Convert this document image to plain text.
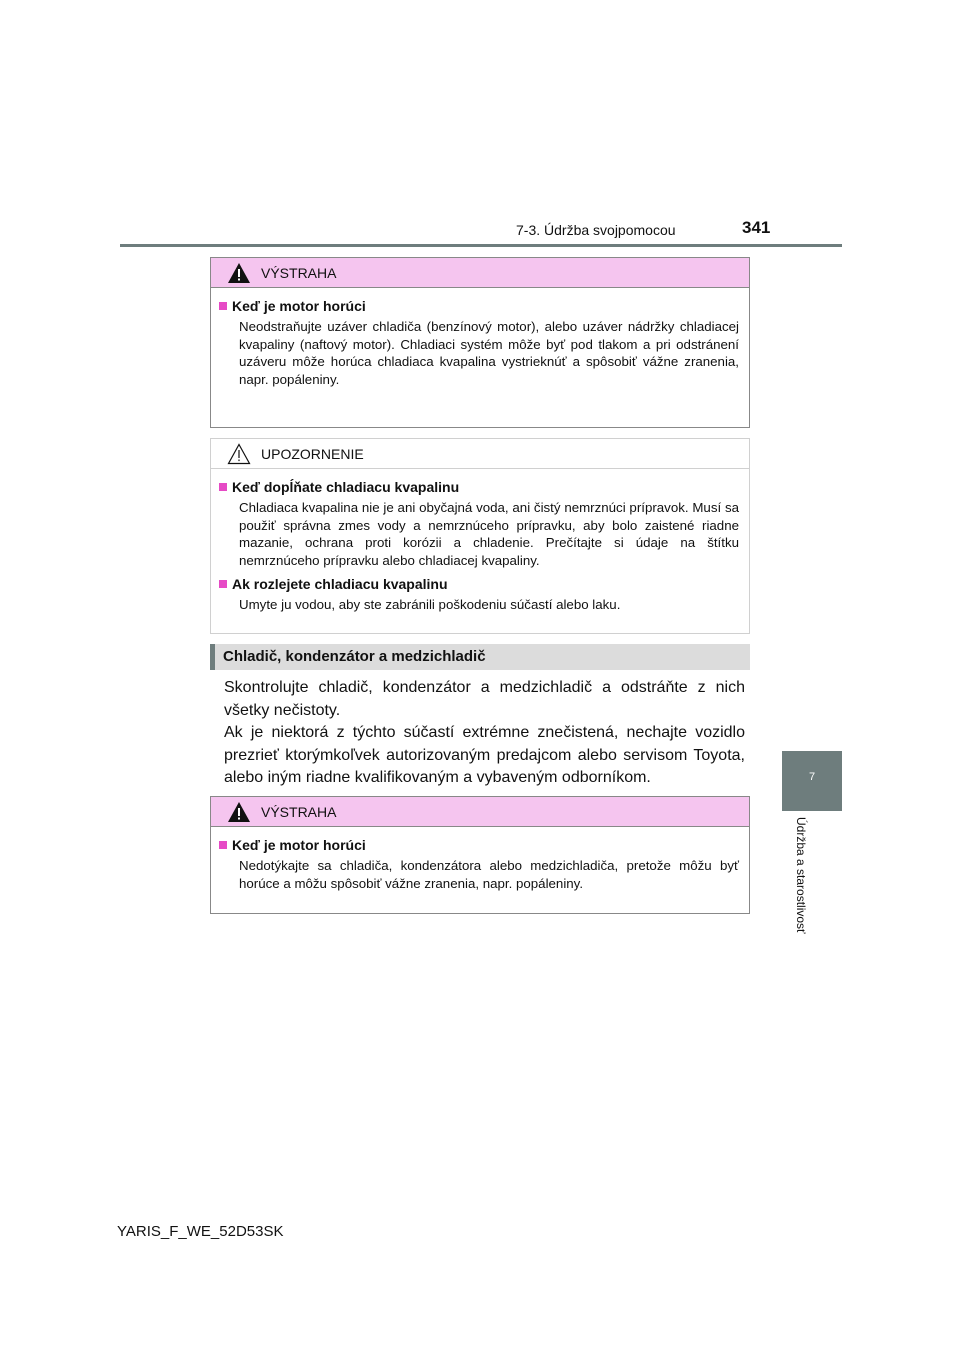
7-3. Údržba svojpomocou	341
7
Údržba a starostlivosť
VÝSTRAHA
Keď je motor horúci
Neodstraňujte uzáver chladiča (benzínový motor), alebo uzáver nádržky chladiacej kvapaliny (naftový motor). Chladiaci systém môže byť pod tlakom a pri odstránení uzáveru môže horúca chladiaca kvapalina vystrieknúť a spôsobiť vážne zranenia, napr. popáleniny.
UPOZORNENIE
Keď dopĺňate chladiacu kvapalinu
Chladiaca kvapalina nie je ani obyčajná voda, ani čistý nemrznúci prípravok. Musí sa použiť správna zmes vody a nemrznúceho prípravku, aby bolo zaistené riadne mazanie, ochrana proti korózii a chladenie. Prečítajte si údaje na štítku nemrznúceho prípravku alebo chladiacej kvapaliny.
Ak rozlejete chladiacu kvapalinu
Umyte ju vodou, aby ste zabránili poškodeniu súčastí alebo laku.
Chladič, kondenzátor a medzichladič

Skontrolujte chladič, kondenzátor a medzichladič a odstráňte z nich všetky nečistoty.

Ak je niektorá z týchto súčastí extrémne znečistená, nechajte vozidlo prezrieť ktorýmkoľvek autorizovaným predajcom alebo servisom Toyota, alebo iným riadne kvalifikovaným a vybaveným odborníkom.

VÝSTRAHA
Keď je motor horúci
Nedotýkajte sa chladiča, kondenzátora alebo medzichladiča, pretože môžu byť horúce a môžu spôsobiť vážne zranenia, napr. popáleniny.
YARIS_F_WE_52D53SK
